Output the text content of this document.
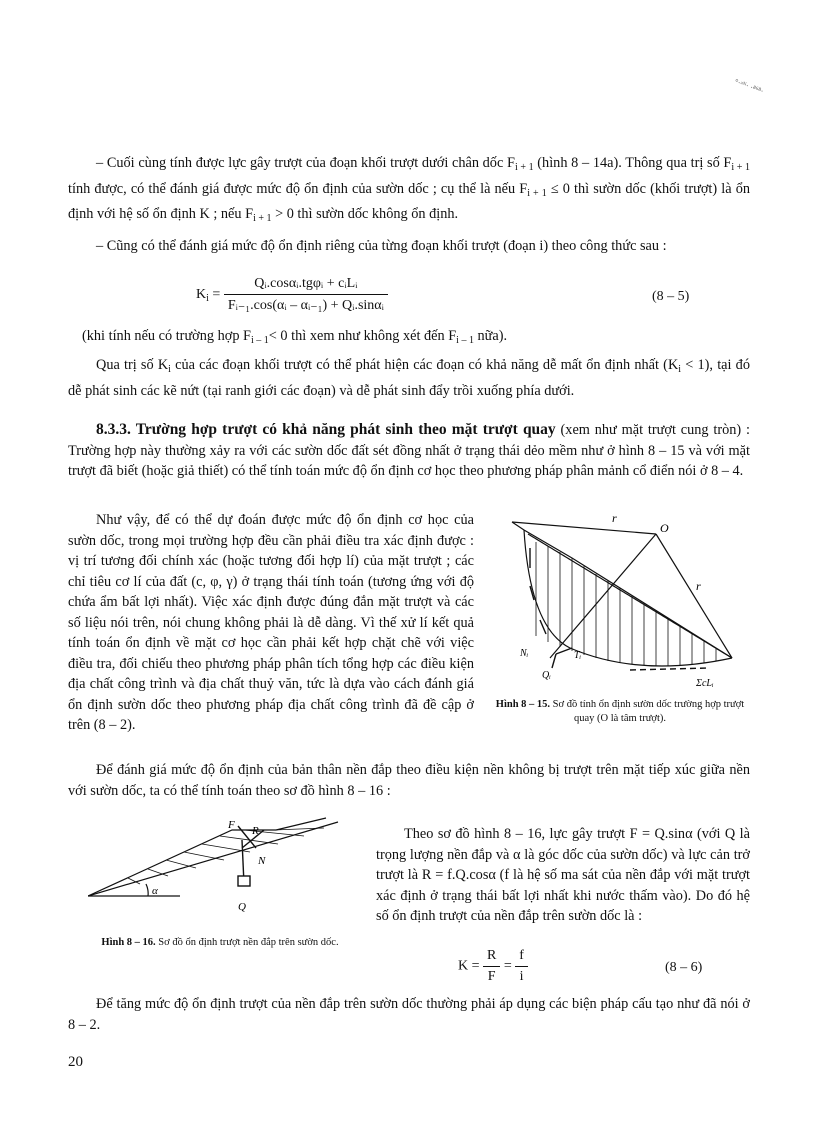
°·ᵃᴺ· ·⁸⁶⁸·

– Cuối cùng tính được lực gây trượt của đoạn khối trượt dưới chân dốc $F_{i + 1}$ (hình 8 – 14a). Thông qua trị số $F_{i + 1}$ tính được, có thể đánh giá được mức độ ổn định của sườn dốc ; cụ thể là nếu $F_{i + 1} \le 0$ thì sườn dốc (khối trượt) là ổn định với hệ số ổn định K ; nếu $F_{i + 1} > 0$ thì sườn dốc không ổn định.

– Cũng có thể đánh giá mức độ ổn định riêng của từng đoạn khối trượt (đoạn i) theo công thức sau :

$K_i = \frac{\text{Qᵢ.cosαᵢ.tgφᵢ + cᵢLᵢ}}{\text{Fᵢ₋₁.cos(αᵢ – αᵢ₋₁) + Qᵢ.sinαᵢ}}$	(8 – 5)

(khi tính nếu có trường hợp $F_{i - 1}< 0$ thì xem như không xét đến $F_{i - 1}$ nữa).

Qua trị số $K_i$ của các đoạn khối trượt có thể phát hiện các đoạn có khả năng dễ mất ổn định nhất $(K_i < 1)$, tại đó dễ phát sinh các kẽ nứt (tại ranh giới các đoạn) và dễ phát sinh đẩy trồi xuống phía dưới.

8.3.3. Trường hợp trượt có khả năng phát sinh theo mặt trượt quay (xem như mặt trượt cung tròn) : Trường hợp này thường xảy ra với các sườn dốc đất sét đồng nhất ở trạng thái dẻo mềm như ở hình 8 – 15 và với mặt trượt đã biết (hoặc giả thiết) có thể tính toán mức độ ổn định cơ học theo phương pháp phân mảnh cổ điển nói ở 8 – 4.

Như vậy, để có thể dự đoán được mức độ ổn định cơ học của sườn dốc, trong mọi trường hợp đều cần phải điều tra xác định được : vị trí tương đối chính xác (hoặc tương đối hợp lí) của mặt trượt ; các chỉ tiêu cơ lí của đất (c, φ, γ) ở trạng thái tính toán (tương ứng với độ chứa ẩm bất lợi nhất). Việc xác định được đúng đắn mặt trượt và các số liệu nói trên, nói chung không phải là dễ dàng. Vì thế xử lí kết quả tính toán ổn định về mặt cơ học cần phải kết hợp chặt chẽ với việc điều tra, đối chiếu theo phương pháp phân tích tổng hợp các điều kiện địa chất công trình và địa chất thuỷ văn, tức là dựa vào cách đánh giá ổn định sườn dốc theo phương pháp địa chất công trình đã đề cập ở trên (8 – 2).

r
O
r
Nᵢ	Tᵢ
Qᵢ
ΣcLᵢ
Hình 8 – 15. Sơ đồ tính ổn định sườn dốc trường hợp trượt quay (O là tâm trượt).

Để đánh giá mức độ ổn định của bản thân nền đắp theo điều kiện nền không bị trượt trên mặt tiếp xúc giữa nền với sườn dốc, ta có thể tính toán theo sơ đồ hình 8 – 16 :

F R
N
Q
α
Hình 8 – 16. Sơ đồ ổn định trượt nền đắp trên sườn dốc.

Theo sơ đồ hình 8 – 16, lực gây trượt F = Q.sinα (với Q là trọng lượng nền đắp và α là góc dốc của sườn dốc) và lực cản trở trượt là R = f.Q.cosα (f là hệ số ma sát của nền đắp với mặt trượt xác định ở trạng thái bất lợi nhất khi nước thấm vào). Do đó hệ số ổn định trượt của nền đắp trên sườn dốc là :

$K = \frac{R}{F} = \frac{f}{i}$	(8 – 6)

Để tăng mức độ ổn định trượt của nền đắp trên sườn dốc thường phải áp dụng các biện pháp cấu tạo như đã nói ở 8 – 2.

20
